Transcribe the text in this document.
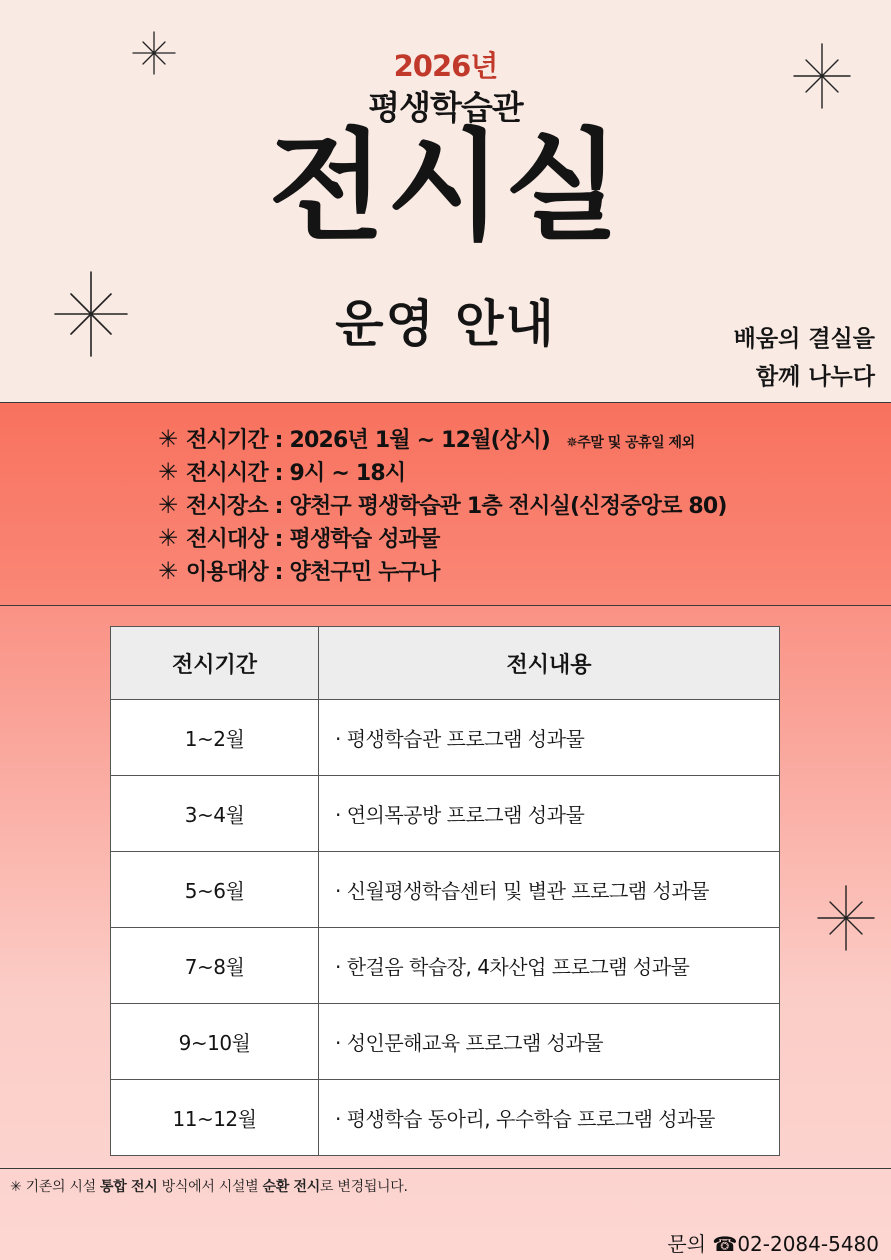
2026년
평생학습관
전시실
운영 안내	배움의 결실을
함께 나누다
✳ 전시기간 : 2026년 1월 ~ 12월(상시) ✵주말 및 공휴일 제외
✳ 전시시간 : 9시 ~ 18시
✳ 전시장소 : 양천구 평생학습관 1층 전시실(신정중앙로 80)
✳ 전시대상 : 평생학습 성과물
✳ 이용대상 : 양천구민 누구나
전시기간	전시내용
1~2월	· 평생학습관 프로그램 성과물
3~4월	· 연의목공방 프로그램 성과물
5~6월	· 신월평생학습센터 및 별관 프로그램 성과물
7~8월	· 한걸음 학습장, 4차산업 프로그램 성과물
9~10월	· 성인문해교육 프로그램 성과물
11~12월	· 평생학습 동아리, 우수학습 프로그램 성과물
✳ 기존의 시설 통합 전시 방식에서 시설별 순환 전시로 변경됩니다.
문의 ☎02-2084-5480
